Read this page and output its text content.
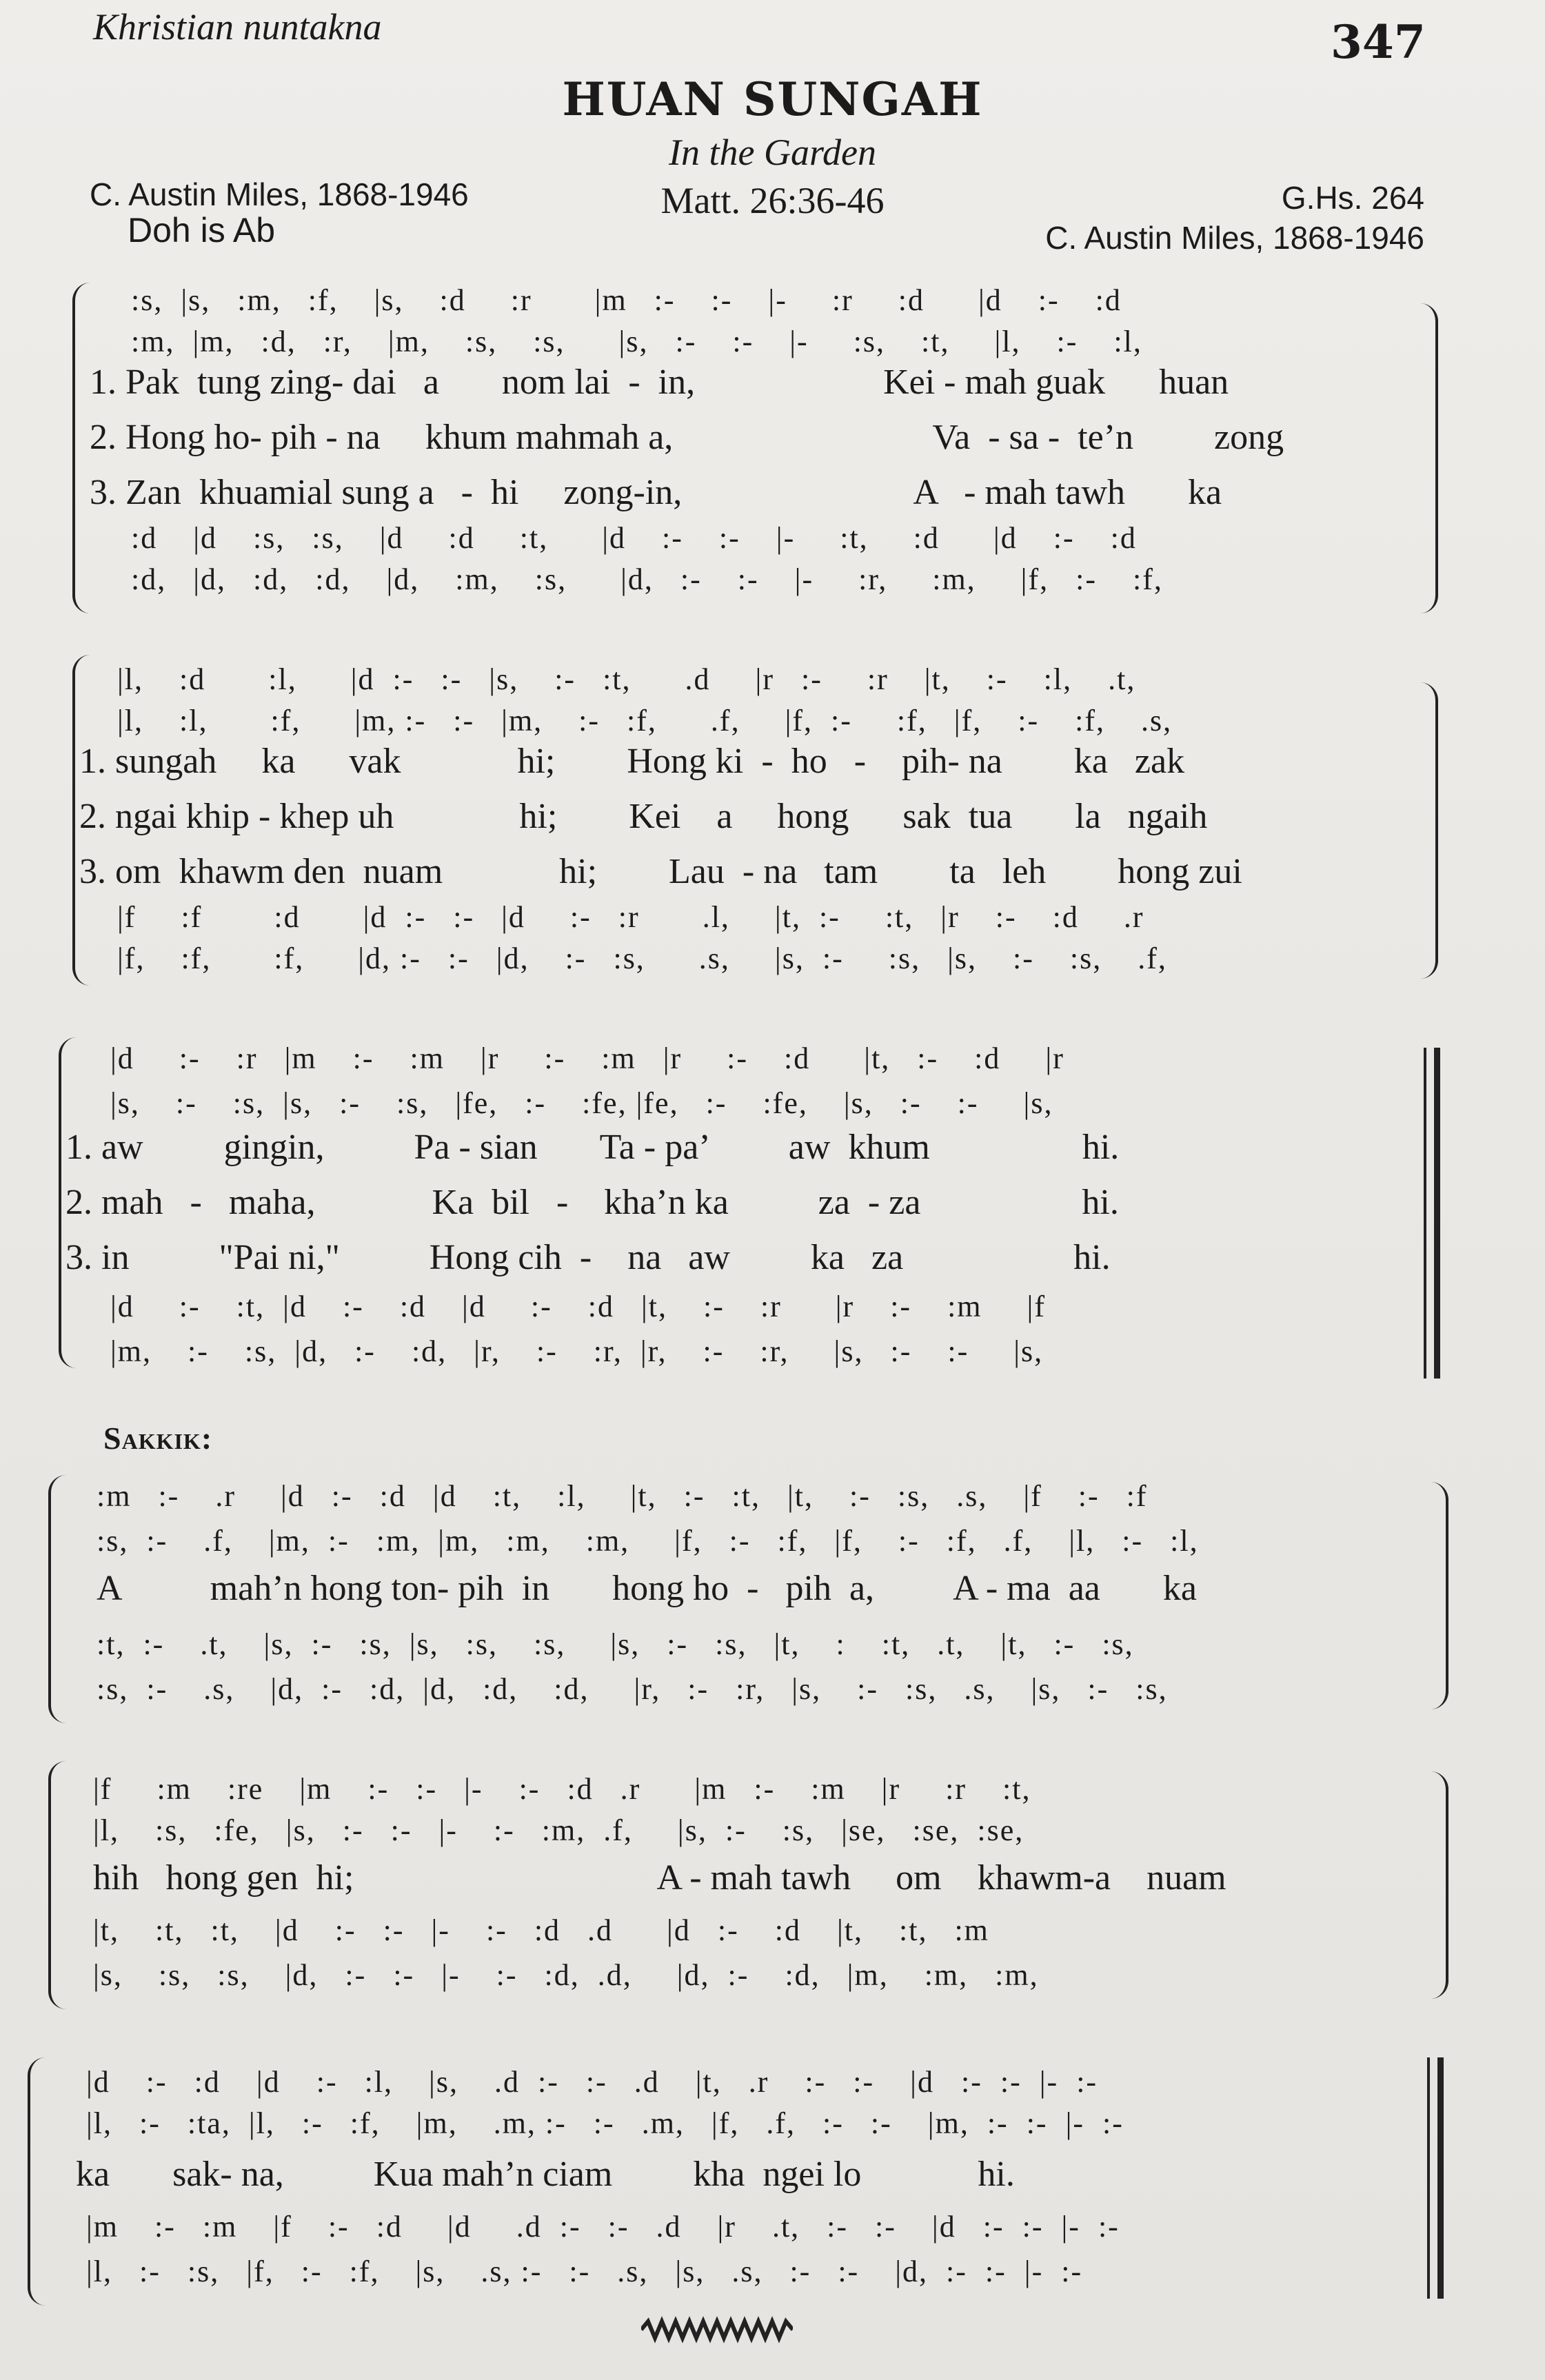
Khristian nuntakna	347
HUAN SUNGAH
In the Garden
Matt. 26:36-46
C. Austin Miles, 1868-1946
Doh is Ab
G.Hs. 264
C. Austin Miles, 1868-1946
:s,  |s,   :m,   :f,    |s,    :d     :r       |m   :-    :-    |-     :r     :d      |d    :-    :d
:m,  |m,   :d,   :r,    |m,    :s,    :s,      |s,   :-    :-    |-     :s,    :t,     |l,    :-    :l,
1. Pak  tung zing- dai   a       nom lai  -  in,                     Kei - mah guak      huan
2. Hong ho- pih - na     khum mahmah a,                             Va  - sa -  te’n         zong
3. Zan  khuamial sung a   -  hi     zong-in,                          A   - mah tawh       ka
:d    |d    :s,   :s,    |d     :d     :t,      |d    :-    :-    |-     :t,     :d      |d    :-    :d
:d,   |d,   :d,   :d,    |d,    :m,    :s,      |d,   :-    :-    |-     :r,     :m,     |f,   :-    :f,
|l,    :d       :l,      |d  :-   :-   |s,    :-   :t,      .d     |r   :-     :r    |t,    :-    :l,    .t,
|l,    :l,       :f,      |m, :-   :-   |m,    :-   :f,      .f,     |f,  :-     :f,   |f,    :-    :f,    .s,
1. sungah     ka      vak             hi;        Hong ki  -  ho   -    pih- na        ka   zak
2. ngai khip - khep uh              hi;        Kei    a     hong      sak  tua       la   ngaih
3. om  khawm den  nuam             hi;        Lau  - na   tam        ta   leh        hong zui
|f     :f        :d       |d  :-   :-   |d     :-   :r       .l,     |t,  :-     :t,   |r    :-    :d     .r
|f,    :f,       :f,      |d, :-   :-   |d,    :-   :s,      .s,     |s,  :-     :s,   |s,    :-    :s,    .f,
|d     :-    :r   |m    :-    :m    |r     :-    :m   |r     :-    :d      |t,   :-    :d     |r
|s,    :-    :s,  |s,   :-    :s,   |fe,   :-    :fe, |fe,   :-    :fe,    |s,   :-    :-     |s,
1. aw         gingin,          Pa - sian       Ta - pa’         aw  khum                 hi.
2. mah   -   maha,             Ka  bil   -    kha’n ka          za  - za                  hi.
3. in          "Pai ni,"          Hong cih  -    na   aw         ka   za                   hi.
|d     :-    :t,  |d    :-    :d    |d     :-    :d   |t,    :-    :r      |r    :-    :m     |f
|m,    :-    :s,  |d,   :-    :d,   |r,    :-    :r,  |r,    :-    :r,     |s,   :-    :-     |s,
Sakkik:
:m   :-    .r     |d   :-   :d   |d    :t,    :l,     |t,   :-   :t,   |t,    :-   :s,   .s,    |f    :-   :f
:s,  :-    .f,    |m,  :-   :m,  |m,   :m,    :m,     |f,   :-   :f,   |f,    :-   :f,   .f,    |l,   :-   :l,
A          mah’n hong ton- pih  in       hong ho  -   pih  a,         A - ma  aa       ka
:t,  :-    .t,    |s,  :-   :s,  |s,   :s,    :s,     |s,   :-   :s,   |t,    :    :t,   .t,    |t,   :-   :s,
:s,  :-    .s,    |d,  :-   :d,  |d,   :d,    :d,     |r,   :-   :r,   |s,    :-   :s,   .s,    |s,   :-   :s,
|f     :m    :re    |m    :-   :-   |-    :-   :d   .r      |m   :-    :m    |r     :r    :t,
|l,    :s,   :fe,   |s,   :-   :-   |-    :-   :m,  .f,     |s,  :-    :s,   |se,   :se,  :se,
hih   hong gen  hi;                                  A - mah tawh     om    khawm-a    nuam
|t,    :t,   :t,    |d    :-   :-   |-    :-   :d   .d      |d   :-    :d    |t,    :t,   :m
|s,    :s,   :s,    |d,   :-   :-   |-    :-   :d,  .d,     |d,  :-    :d,   |m,    :m,   :m,
|d    :-   :d    |d    :-   :l,    |s,    .d  :-   :-   .d    |t,   .r    :-   :-    |d   :-  :-  |-  :-
|l,   :-   :ta,  |l,   :-   :f,    |m,    .m, :-   :-   .m,   |f,   .f,   :-   :-    |m,  :-  :-  |-  :-
ka       sak- na,          Kua mah’n ciam         kha  ngei lo             hi.
|m    :-   :m    |f    :-   :d     |d     .d  :-   :-   .d    |r    .t,   :-   :-    |d   :-  :-  |-  :-
|l,   :-   :s,   |f,   :-   :f,    |s,    .s, :-   :-   .s,   |s,   .s,   :-   :-    |d,  :-  :-  |-  :-
